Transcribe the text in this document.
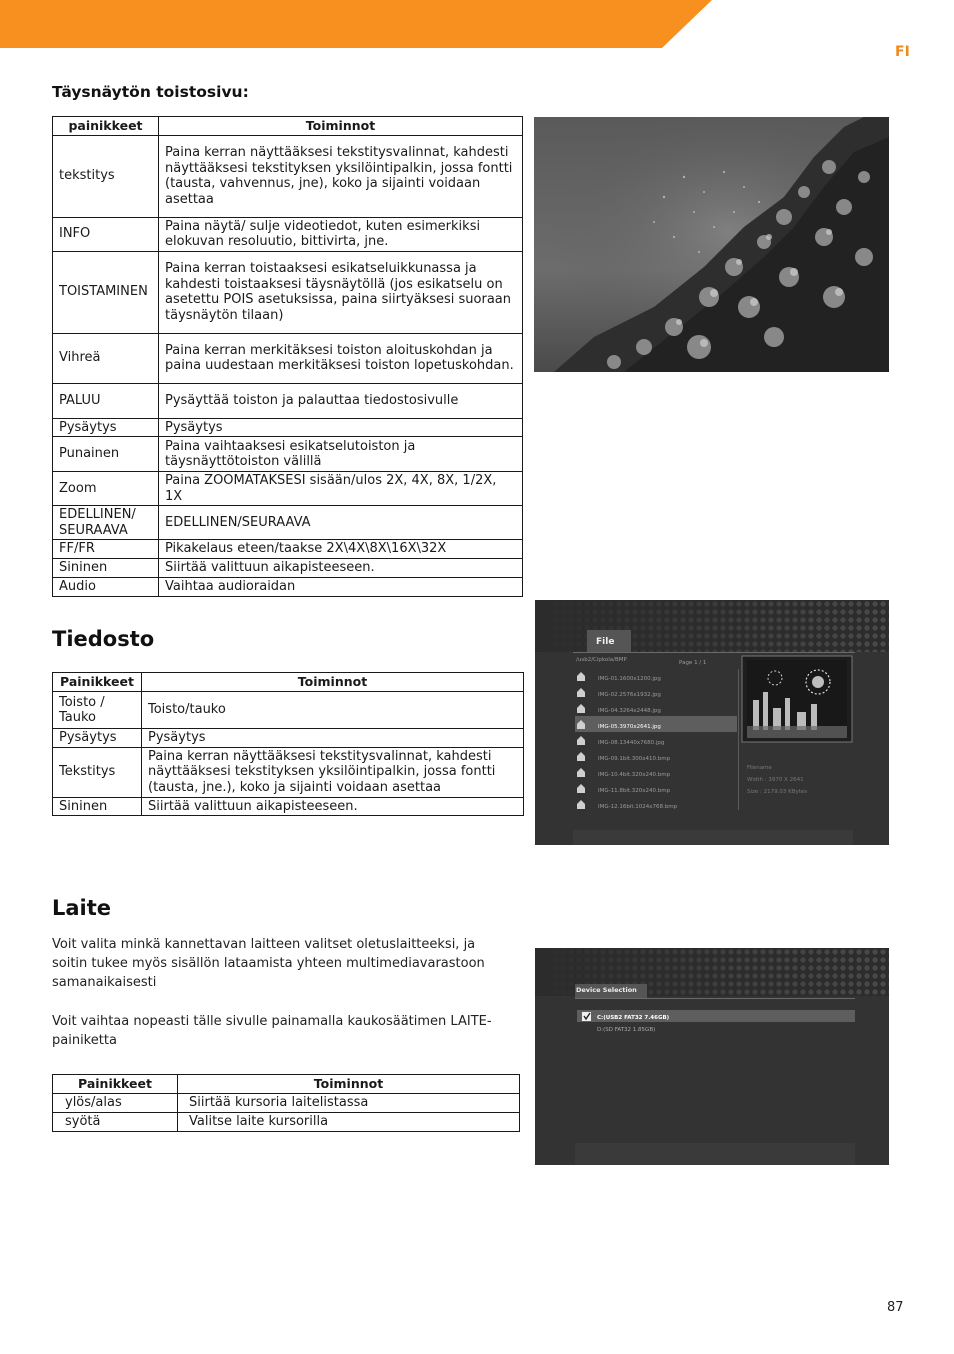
FI
Täysnäytön toistosivu:
painikkeet	Toiminnot
tekstitys	Paina kerran näyttääksesi tekstitysvalinnat, kahdesti näyttääksesi tekstityksen yksilöintipalkin, jossa fontti (tausta, vahvennus, jne), koko ja sijainti voidaan asettaa
INFO	Paina näytä/ sulje videotiedot, kuten esimerkiksi elokuvan resoluutio, bittivirta, jne.
TOISTAMINEN	Paina kerran toistaaksesi esikatseluikkunassa ja kahdesti toistaaksesi täysnäytöllä (jos esikatselu on asetettu POIS asetuksissa, paina siirtyäksesi suoraan täysnäytön tilaan)
Vihreä	Paina kerran merkitäksesi toiston aloituskohdan ja paina uudestaan merkitäksesi toiston lopetuskohdan.
PALUU	Pysäyttää toiston ja palauttaa tiedostosivulle
Pysäytys	Pysäytys
Punainen	Paina vaihtaaksesi esikatselutoiston ja täysnäyttötoiston välillä
Zoom	Paina ZOOMATAKSESI sisään/ulos 2X, 4X, 8X, 1/2X, 1X
EDELLINEN/ SEURAAVA	EDELLINEN/SEURAAVA
FF/FR	Pikakelaus eteen/taakse 2X\4X\8X\16X\32X
Sininen	Siirtää valittuun aikapisteeseen.
Audio	Vaihtaa audioraidan
Tiedosto
Painikkeet	Toiminnot
Toisto / Tauko	Toisto/tauko
Pysäytys	Pysäytys
Tekstitys	Paina kerran näyttääksesi tekstitysvalinnat, kahdesti näyttääksesi tekstityksen yksilöintipalkin, jossa fontti (tausta, jne.), koko ja sijainti voidaan asettaa
Sininen	Siirtää valittuun aikapisteeseen.
File
/usb2/Cipkola/BMP	Page 1 / 1
IMG-01.1600x1200.jpg
IMG-02.2576x1932.jpg
IMG-04.3264x2448.jpg
IMG-05.3970x2641.jpg
IMG-08.13440x7680.jpg
IMG-09.1bit.300x410.bmp
IMG-10.4bit.320x240.bmp
IMG-11.8bit.320x240.bmp
IMG-12.16bit.1024x768.bmp
Filename
Width : 3970 X 2641
Size : 2179.03 KBytes
Laite
Voit valita minkä kannettavan laitteen valitset oletuslaitteeksi, ja soitin tukee myös sisällön lataamista yhteen multimediavarastoon samanaikaisesti
Voit vaihtaa nopeasti tälle sivulle painamalla kaukosäätimen LAITE-painiketta
Painikkeet	Toiminnot
ylös/alas	Siirtää kursoria laitelistassa
syötä	Valitse laite kursorilla
Device Selection
C:(USB2 FAT32 7.46GB)
D:(SD FAT32 1.85GB)
87
